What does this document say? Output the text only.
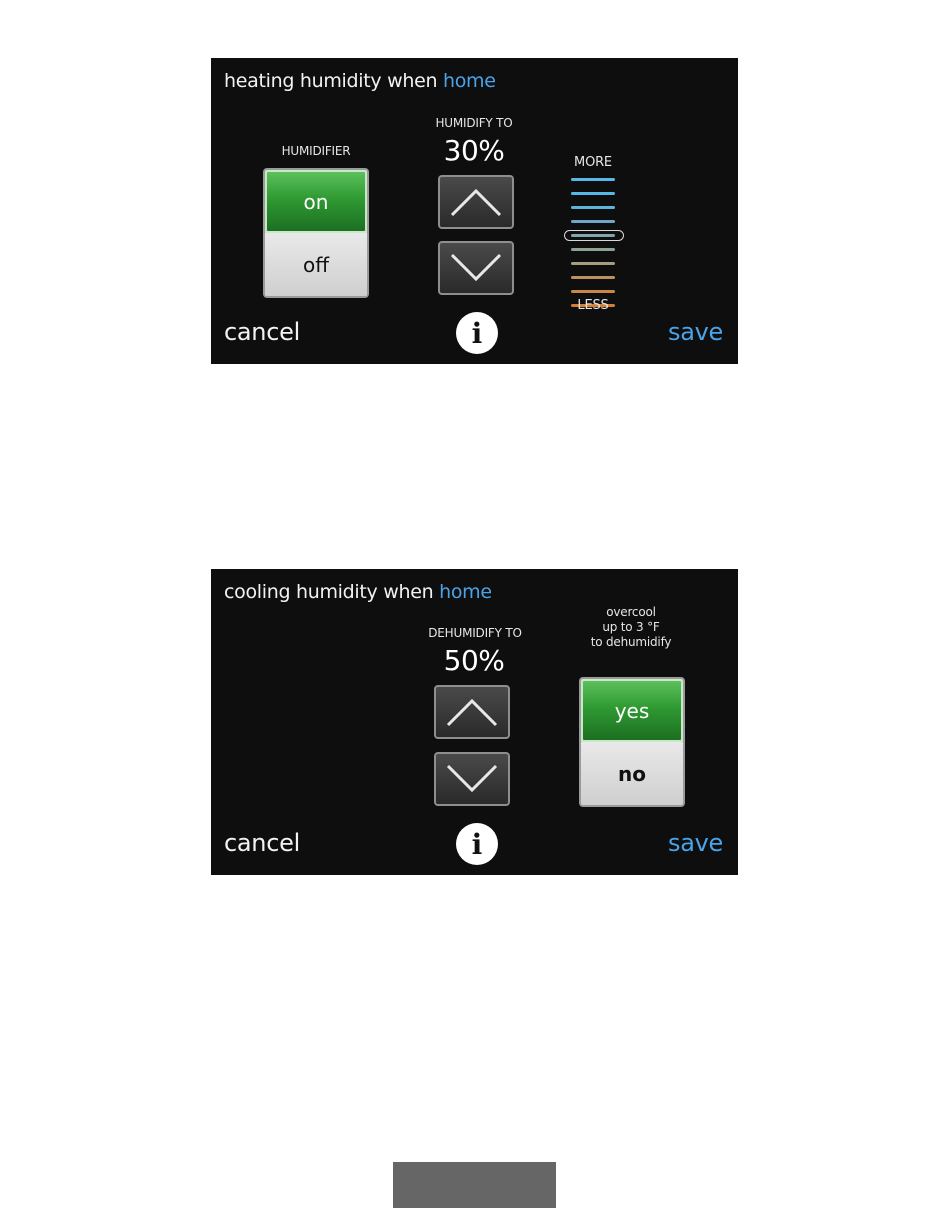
heating humidity when home
HUMIDIFIER
on
off
HUMIDIFY TO
30%	MORE
LESS
cancel	i	save
cooling humidity when home
DEHUMIDIFY TO
50%
overcool
up to 3 °F
to dehumidify
yes
no
cancel	i	save
